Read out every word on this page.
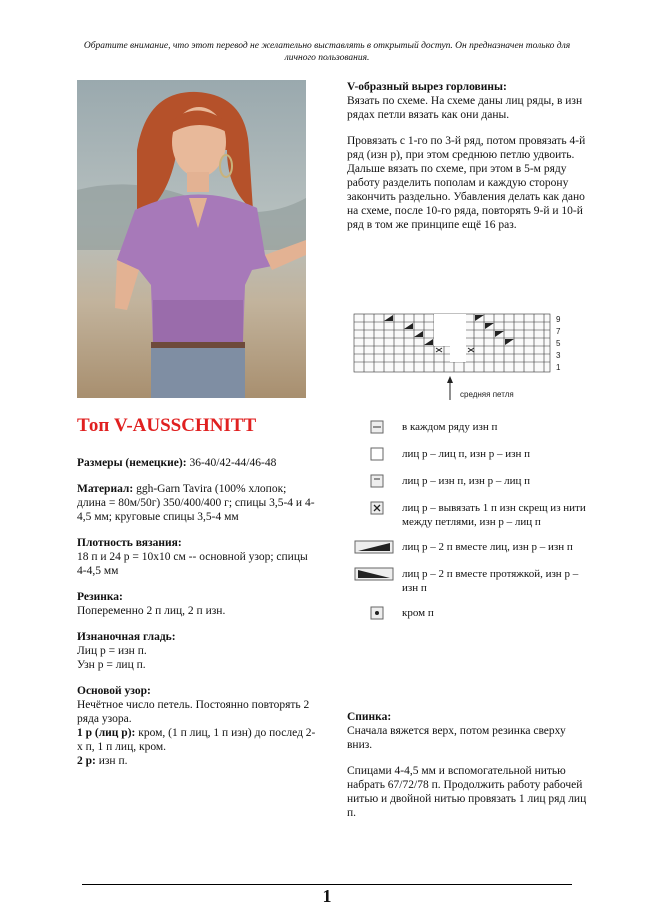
Обратите внимание, что этот перевод не желательно выставлять в открытый доступ. Он предназначен только для личного пользования.
Топ V-AUSSCHNITT

Размеры (немецкие): 36-40/42-44/46-48

Материал: ggh-Garn Tavira (100% хлопок; длина = 80м/50г) 350/400/400 г; спицы 3,5-4 и 4-4,5 мм; круговые спицы 3,5-4 мм

Плотность вязания:
18 п и 24 р = 10х10 см -- основной узор; спицы 4-4,5 мм

Резинка:
Попеременно 2 п лиц, 2 п изн.

Изнаночная гладь:
Лиц р = изн п.
Узн р = лиц п.

Основой узор:
Нечётное число петель. Постоянно повторять 2 ряда узора.
1 р (лиц р): кром, (1 п лиц, 1 п изн) до послед 2-х п, 1 п лиц, кром.
2 р: изн п.

V-образный вырез горловины:
Вязать по схеме. На схеме даны лиц ряды, в изн рядах петли вязать как они даны.

Провязать с 1-го по 3-й ряд, потом провязать 4-й ряд (изн р), при этом среднюю петлю удвоить. Дальше вязать по схеме, при этом в 5-м ряду работу разделить пополам и каждую сторону закончить раздельно. Убавления делать как дано на схеме, после 10-го ряда, повторять 9-й и 10-й ряд в том же принципе ещё 16 раз.

9
7
5
3
1
средняя петля
в каждом ряду изн п
лиц р – лиц п, изн р – изн п
лиц р – изн п, изн р – лиц п
лиц р – вывязать 1 п изн скрещ из нити между петлями, изн р – лиц п
лиц р – 2 п вместе лиц, изн р – изн п
лиц р – 2 п вместе протяжкой, изн р – изн п
кром п

Спинка:
Сначала вяжется верх, потом резинка сверху вниз.

Спицами 4-4,5 мм и вспомогательной нитью набрать 67/72/78 п. Продолжить работу рабочей нитью и двойной нитью провязать 1 лиц ряд лиц п.

1
